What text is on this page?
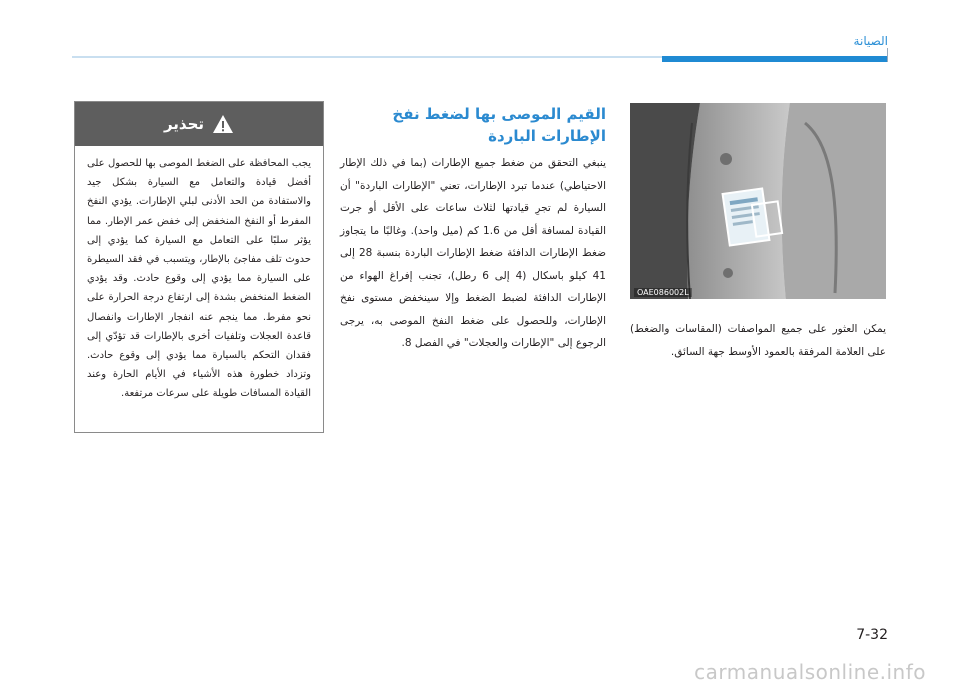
الصيانة
تحذير
يجب المحافظة على الضغط الموصى بها للحصول على أفضل قيادة والتعامل مع السيارة بشكل جيد والاستفادة من الحد الأدنى لبلي الإطارات. يؤدي النفخ المفرط أو النفخ المنخفض إلى خفض عمر الإطار. مما يؤثر سلبًا على التعامل مع السيارة كما يؤدي إلى حدوث تلف مفاجئ بالإطار، ويتسبب في فقد السيطرة على السيارة مما يؤدي إلى وقوع حادث. وقد يؤدي الضغط المنخفض بشدة إلى ارتفاع درجة الحرارة على نحو مفرط. مما ينجم عنه انفجار الإطارات وانفصال قاعدة العجلات وتلفيات أخرى بالإطارات قد تؤدّي إلى فقدان التحكم بالسيارة مما يؤدي إلى وقوع حادث. وتزداد خطورة هذه الأشياء في الأيام الحارة وعند القيادة المسافات طويلة على سرعات مرتفعة.
القيم الموصى بها لضغط نفخ الإطارات الباردة
ينبغي التحقق من ضغط جميع الإطارات (بما في ذلك الإطار الاحتياطي) عندما تبرد الإطارات، تعني "الإطارات الباردة" أن السيارة لم تجرِ قيادتها لثلاث ساعات على الأقل أو جرت القيادة لمسافة أقل من 1.6 كم (ميل واحد). وغالبًا ما يتجاوز ضغط الإطارات الدافئة ضغط الإطارات الباردة بنسبة 28 إلى 41 كيلو باسكال (4 إلى 6 رطل)، تجنب إفراغ الهواء من الإطارات الدافئة لضبط الضغط وإلا سينخفض مستوى نفخ الإطارات، وللحصول على ضغط النفخ الموصى به، يرجى الرجوع إلى "الإطارات والعجلات" في الفصل 8.
OAE086002L
يمكن العثور على جميع المواصفات (المقاسات والضغط) على العلامة المرفقة بالعمود الأوسط جهة السائق.
7-32
carmanualsonline.info
